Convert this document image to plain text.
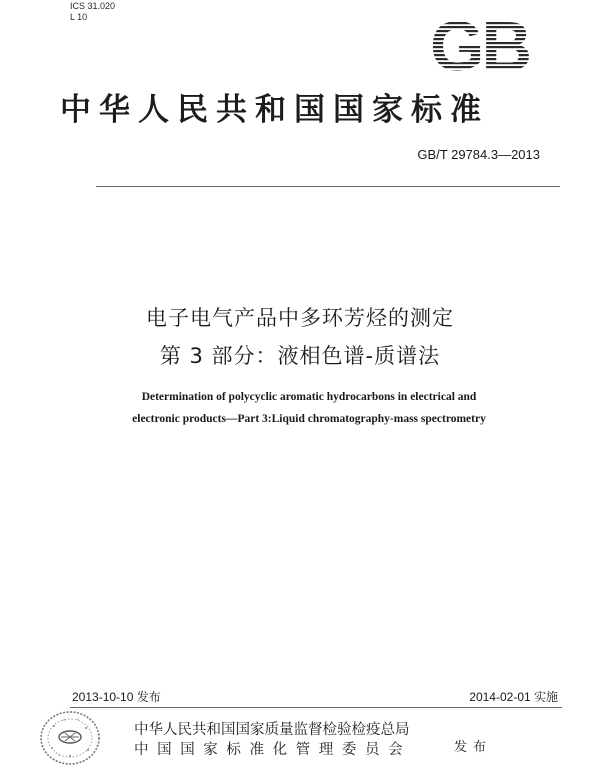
ICS 31.020
L 10	GB
中华人民共和国国家标准
GB/T 29784.3—2013
电子电气产品中多环芳烃的测定
第 3 部分：液相色谱-质谱法
Determination of polycyclic aromatic hydrocarbons in electrical and
electronic products—Part 3:Liquid chromatography-mass spectrometry
2013-10-10 发布	2014-02-01 实施
中华人民共和国国家质量监督检验检疫总局
中国国家标准化管理委员会	发布
